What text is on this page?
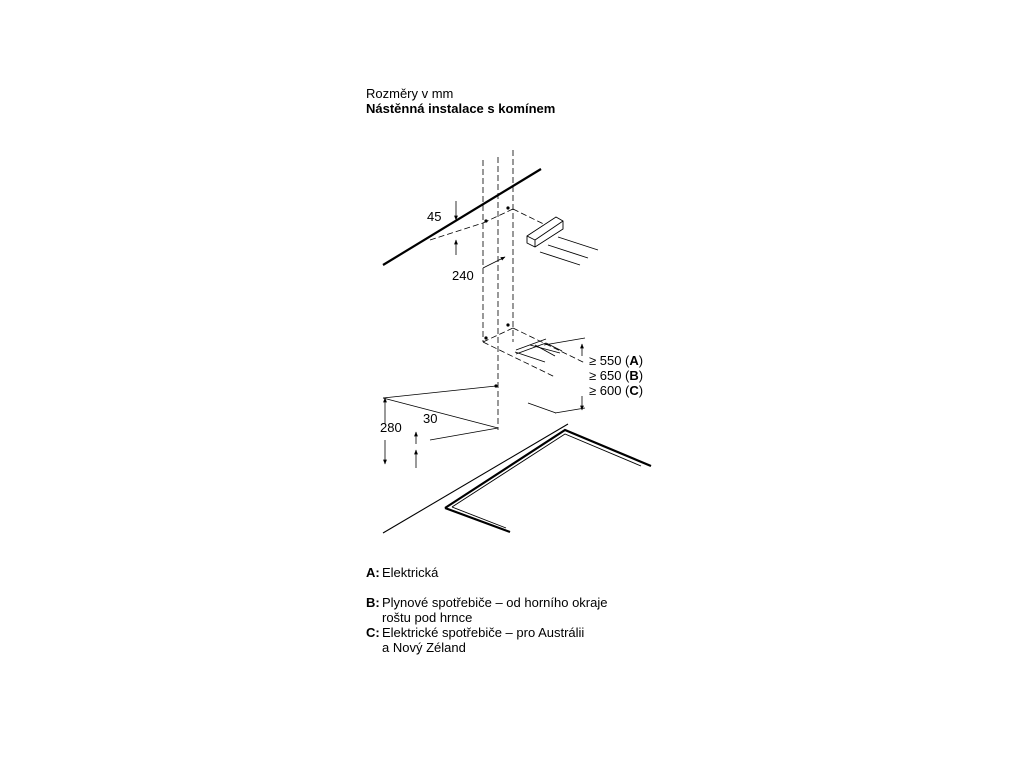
Rozměry v mm
Nástěnná instalace s komínem
45
240
280
30
≥ 550 (A)
≥ 650 (B)
≥ 600 (C)
A: Elektrická
B: Plynové spotřebiče – od horního okraje
roštu pod hrnce
C: Elektrické spotřebiče – pro Austrálii
a Nový Zéland
